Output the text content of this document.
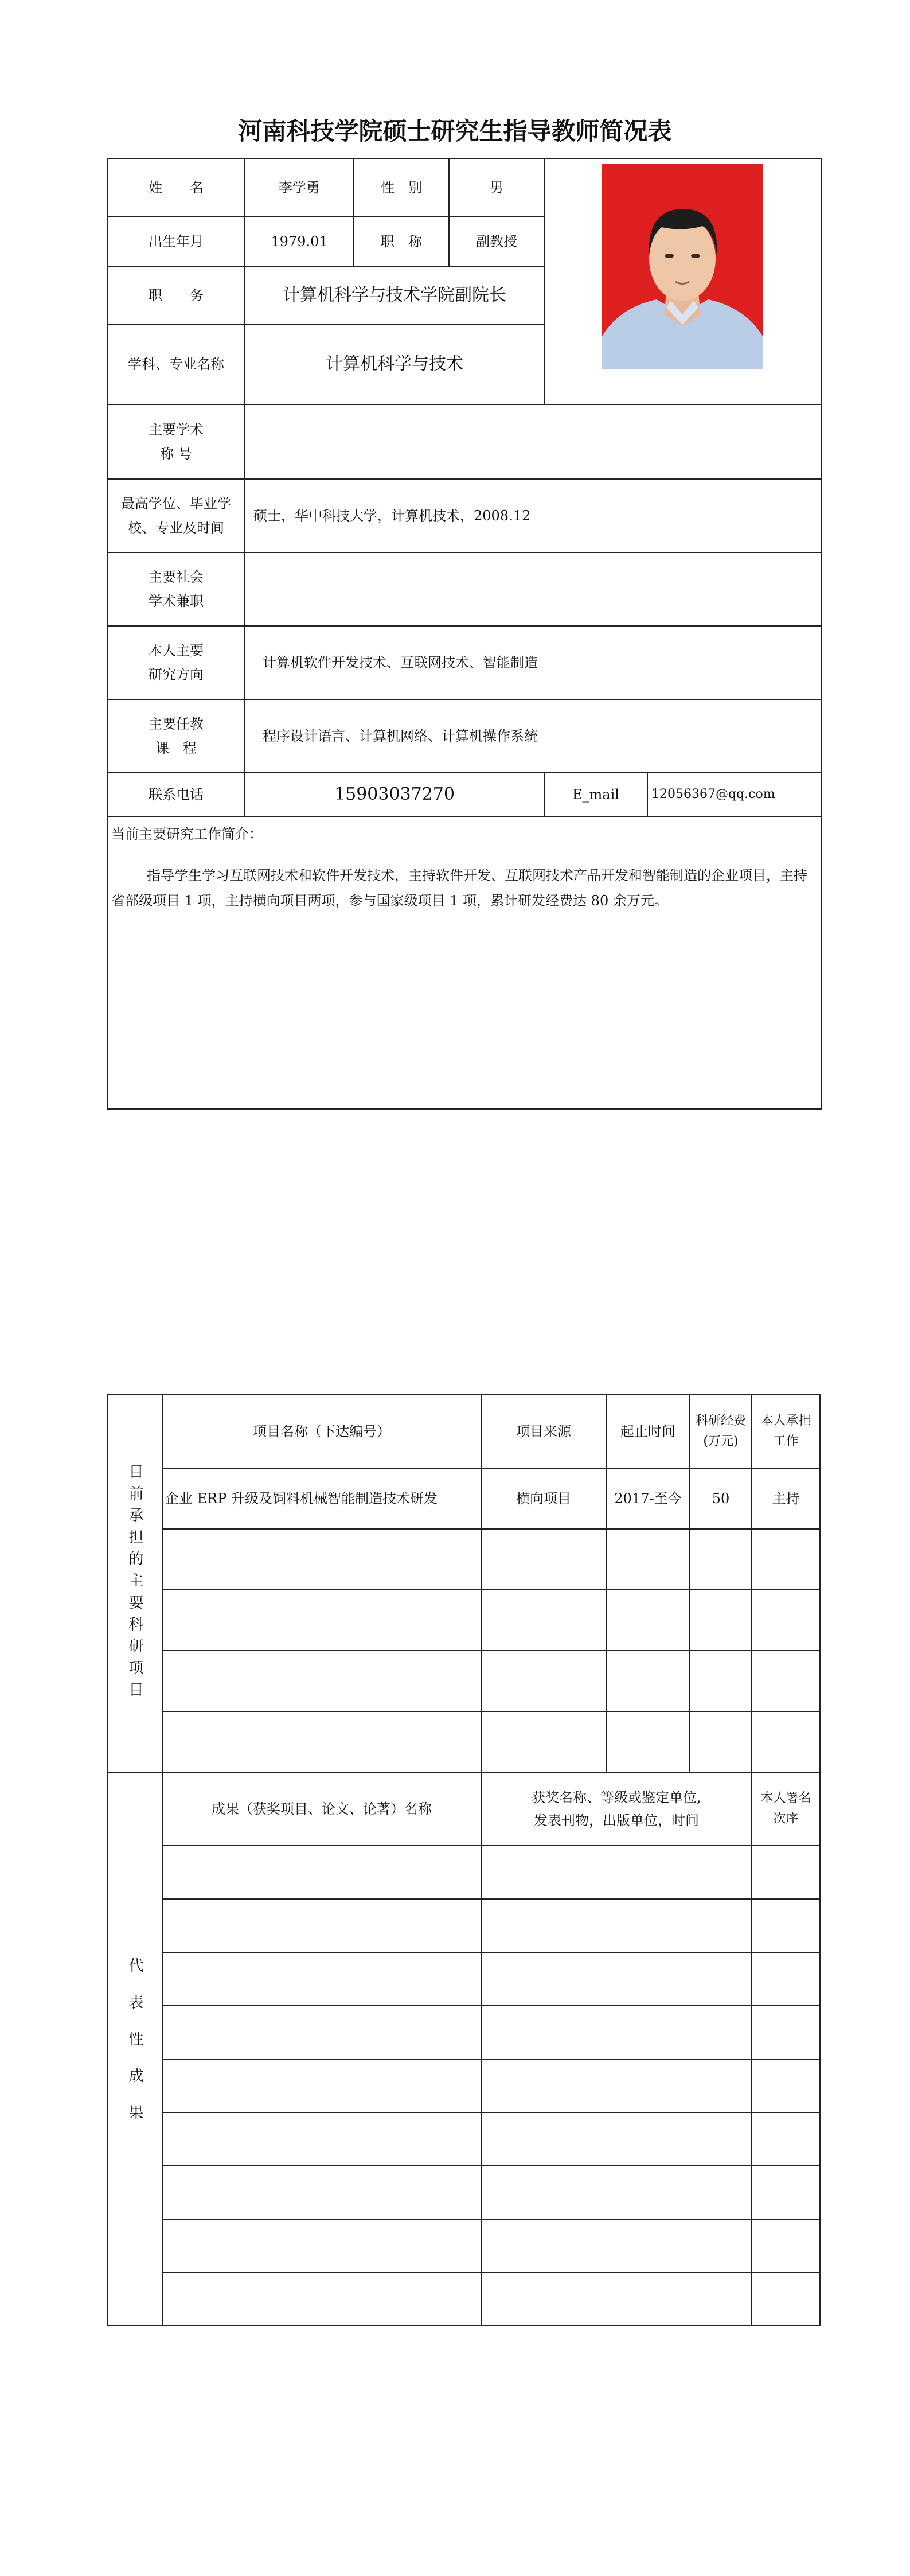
河南科技学院硕士研究生指导教师简况表
姓　　名	李学勇	性　别	男	

出生年月	1979.01	职　称	副教授		
职　　务	计算机科学与技术学院副院长				
学科、专业名称	计算机科学与技术				

主要学术
称 号					

最高学位、毕业学
校、专业及时间	硕士，华中科技大学，计算机技术，2008.12				

主要社会
学术兼职					

本人主要
研究方向	计算机软件开发技术、互联网技术、智能制造				

主要任教
课　程	程序设计语言、计算机网络、计算机操作系统				
联系电话	15903037270			E_mail	12056367@qq.com

当前主要研究工作简介：
指导学生学习互联网技术和软件开发技术，主持软件开发、互联网技术产品开发和智能制造的企业项目，主持省部级项目 1 项，主持横向项目两项，参与国家级项目 1 项，累计研发经费达 80 余万元。					
目前承担的主要科研项目	项目名称（下达编号）	项目来源	起止时间	科研经费(万元)	本人承担工作
	企业 ERP 升级及饲料机械智能制造技术研发	横向项目	2017-至今	50	主持

代表性成果	成果（获奖项目、论文、论著）名称	获奖名称、等级或鉴定单位,
发表刊物，出版单位，时间			本人署名次序
